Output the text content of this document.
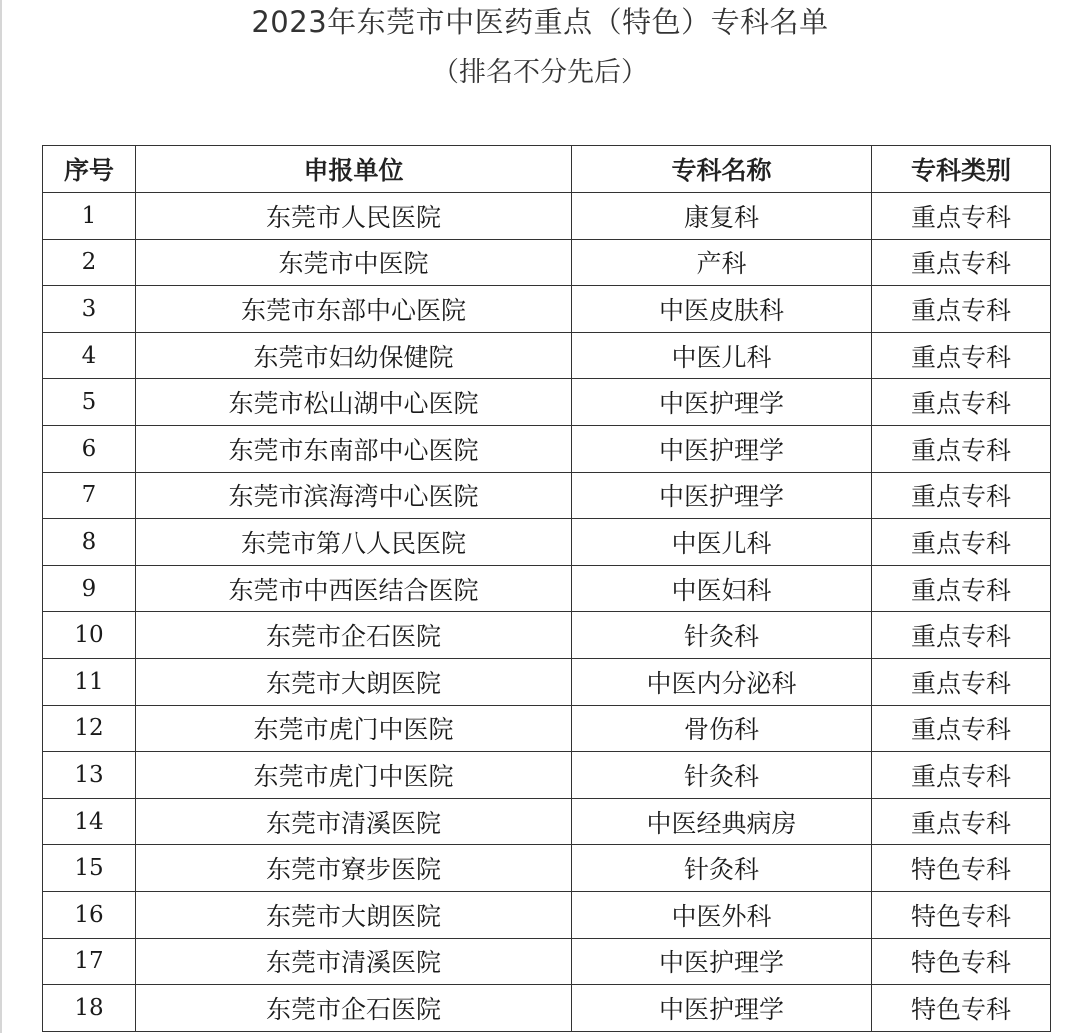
2023年东莞市中医药重点（特色）专科名单
（排名不分先后）
序号	申报单位	专科名称	专科类别
1	东莞市人民医院	康复科	重点专科
2	东莞市中医院	产科	重点专科
3	东莞市东部中心医院	中医皮肤科	重点专科
4	东莞市妇幼保健院	中医儿科	重点专科
5	东莞市松山湖中心医院	中医护理学	重点专科
6	东莞市东南部中心医院	中医护理学	重点专科
7	东莞市滨海湾中心医院	中医护理学	重点专科
8	东莞市第八人民医院	中医儿科	重点专科
9	东莞市中西医结合医院	中医妇科	重点专科
10	东莞市企石医院	针灸科	重点专科
11	东莞市大朗医院	中医内分泌科	重点专科
12	东莞市虎门中医院	骨伤科	重点专科
13	东莞市虎门中医院	针灸科	重点专科
14	东莞市清溪医院	中医经典病房	重点专科
15	东莞市寮步医院	针灸科	特色专科
16	东莞市大朗医院	中医外科	特色专科
17	东莞市清溪医院	中医护理学	特色专科
18	东莞市企石医院	中医护理学	特色专科
